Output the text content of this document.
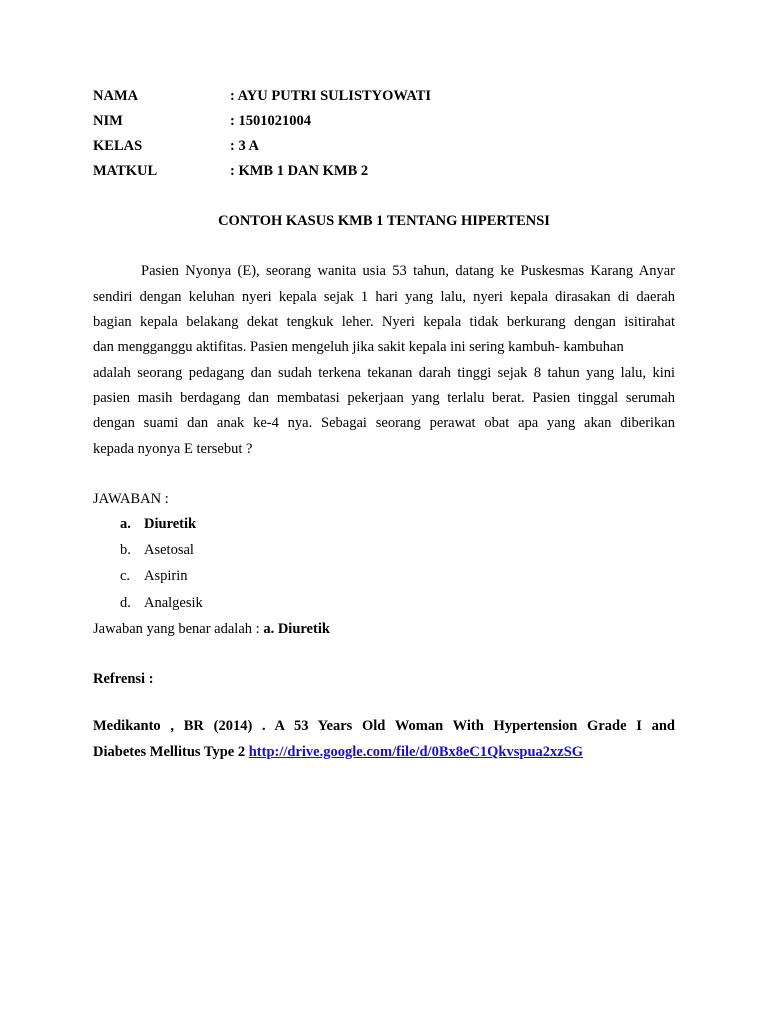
NAMA	: AYU PUTRI SULISTYOWATI
NIM	: 1501021004
KELAS	: 3 A
MATKUL	: KMB 1 DAN KMB 2
CONTOH KASUS KMB 1 TENTANG HIPERTENSI
Pasien Nyonya (E), seorang wanita usia 53 tahun, datang ke Puskesmas Karang Anyar
sendiri dengan keluhan nyeri kepala sejak 1 hari yang lalu, nyeri kepala dirasakan di daerah
bagian kepala belakang dekat tengkuk leher. Nyeri kepala tidak berkurang dengan isitirahat
dan mengganggu aktifitas. Pasien mengeluh jika sakit kepala ini sering kambuh- kambuhan
adalah seorang pedagang dan sudah terkena tekanan darah tinggi sejak 8 tahun yang lalu, kini
pasien masih berdagang dan membatasi pekerjaan yang terlalu berat. Pasien tinggal serumah
dengan suami dan anak ke-4 nya. Sebagai seorang perawat obat apa yang akan diberikan
kepada nyonya E tersebut ?
JAWABAN :
a. Diuretik
b. Asetosal
c. Aspirin
d. Analgesik
Jawaban yang benar adalah : a. Diuretik
Refrensi :
Medikanto , BR (2014) . A 53 Years Old Woman With Hypertension Grade I and
Diabetes Mellitus Type 2 http://drive.google.com/file/d/0Bx8eC1Qkvspua2xzSG
